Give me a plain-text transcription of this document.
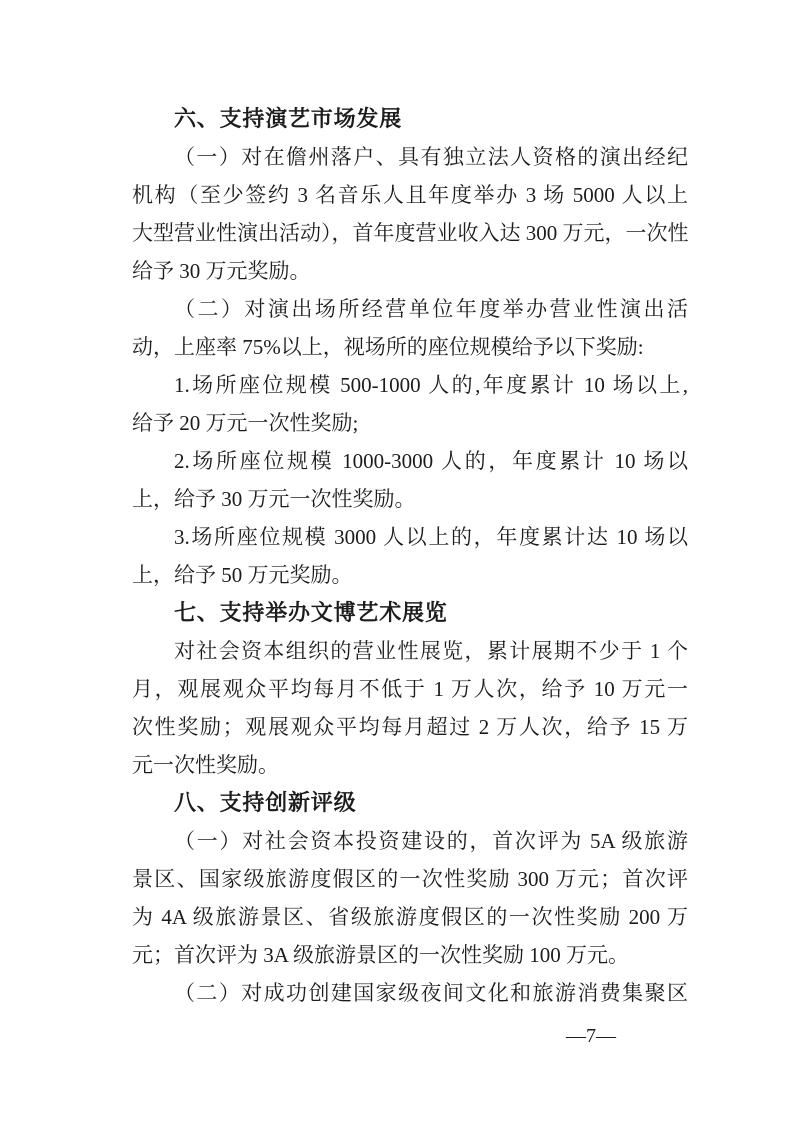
六、支持演艺市场发展
（一）对在儋州落户、具有独立法人资格的演出经纪
机构（至少签约 3 名音乐人且年度举办 3 场 5000 人以上
大型营业性演出活动），首年度营业收入达 300 万元，一次性
给予 30 万元奖励。
（二）对演出场所经营单位年度举办营业性演出活
动，上座率 75%以上，视场所的座位规模给予以下奖励:
1.场所座位规模 500-1000 人的,年度累计 10 场以上,
给予 20 万元一次性奖励;
2.场所座位规模 1000-3000 人的，年度累计 10 场以
上，给予 30 万元一次性奖励。
3.场所座位规模 3000 人以上的，年度累计达 10 场以
上，给予 50 万元奖励。
七、支持举办文博艺术展览
对社会资本组织的营业性展览，累计展期不少于 1 个
月，观展观众平均每月不低于 1 万人次，给予 10 万元一
次性奖励；观展观众平均每月超过 2 万人次，给予 15 万
元一次性奖励。
八、支持创新评级
（一）对社会资本投资建设的，首次评为 5A 级旅游
景区、国家级旅游度假区的一次性奖励 300 万元；首次评
为 4A 级旅游景区、省级旅游度假区的一次性奖励 200 万
元；首次评为 3A 级旅游景区的一次性奖励 100 万元。
（二）对成功创建国家级夜间文化和旅游消费集聚区
—7—
